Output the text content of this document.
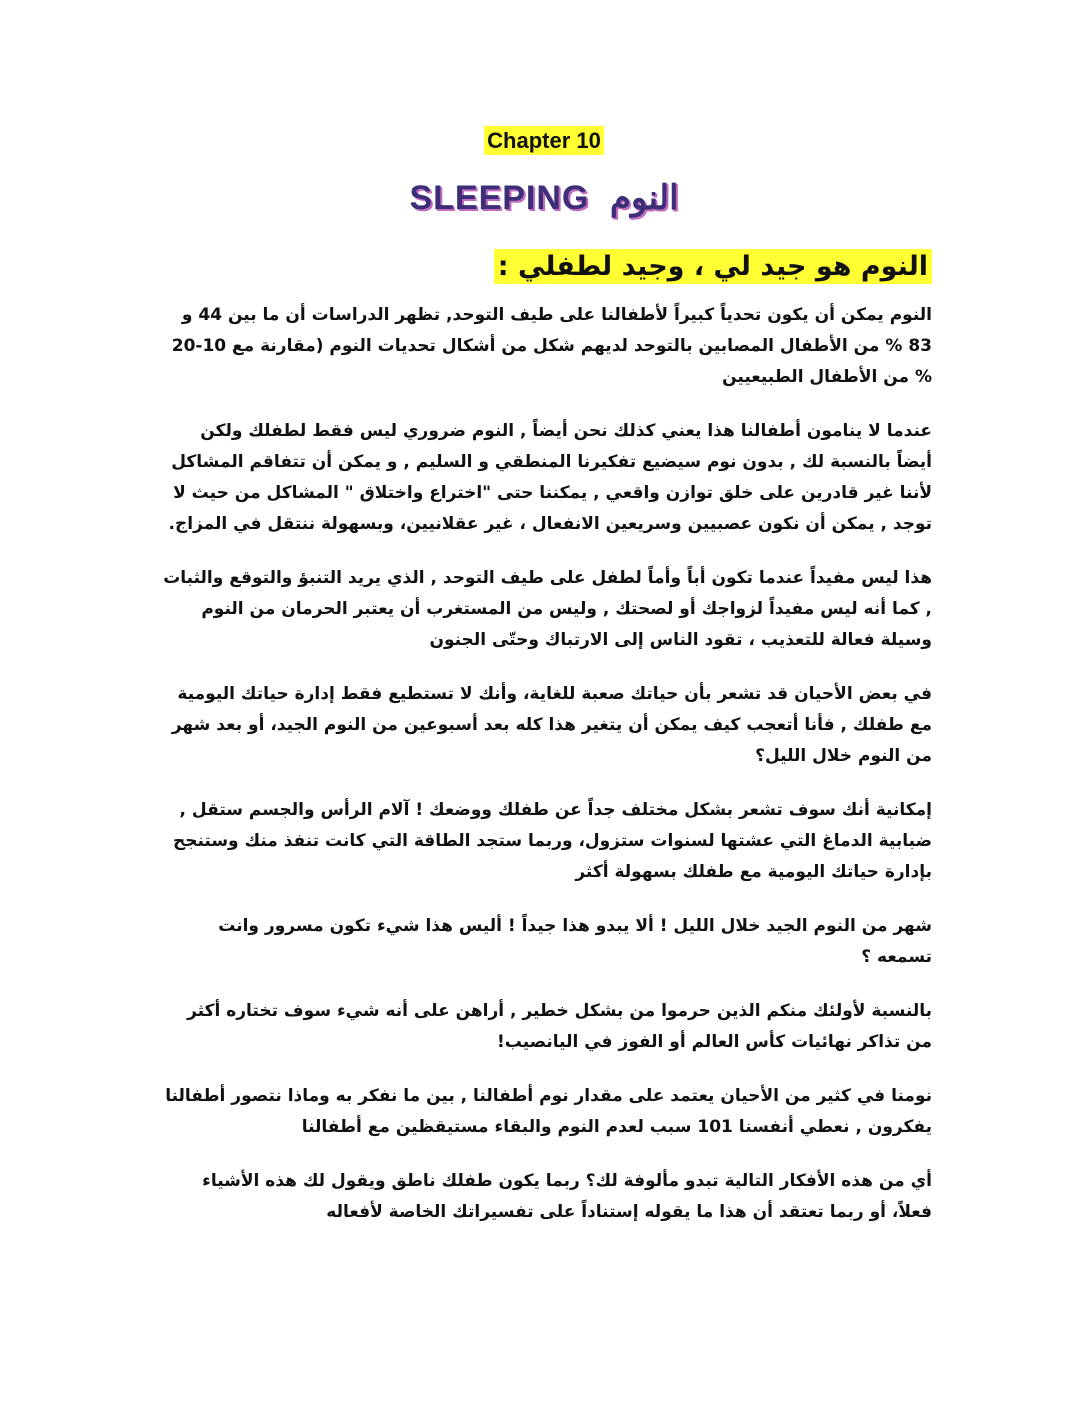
Chapter 10
SLEEPING النوم
النوم هو جيد لي ، وجيد لطفلي :

النوم يمكن أن يكون تحدياً كبيراً لأطفالنا على طيف التوحد, تظهر الدراسات أن ما بين 44 و 83 % من الأطفال المصابين بالتوحد لديهم شكل من أشكال تحديات النوم (مقارنة مع 10-20 % من الأطفال الطبيعيين

عندما لا ينامون أطفالنا هذا يعني كذلك نحن أيضاً , النوم ضروري ليس فقط لطفلك ولكن أيضاً بالنسبة لك , بدون نوم سيضيع تفكيرنا المنطقي و السليم , و يمكن أن تتفاقم المشاكل لأننا غير قادرين على خلق توازن واقعي , يمكننا حتى "اختراع واختلاق " المشاكل من حيث لا توجد , يمكن أن نكون عصبيين وسريعين الانفعال ، غير عقلانيين، وبسهولة ننتقل في المزاج.

هذا ليس مفيداً عندما تكون أباً وأماً لطفل على طيف التوحد , الذي يريد التنبؤ والتوقع والثبات , كما أنه ليس مفيداً لزواجك أو لصحتك , وليس من المستغرب أن يعتبر الحرمان من النوم وسيلة فعالة للتعذيب ، تقود الناس إلى الارتباك وحتّى الجنون

في بعض الأحيان قد تشعر بأن حياتك صعبة للغاية، وأنك لا تستطيع فقط إدارة حياتك اليومية مع طفلك , فأنا أتعجب كيف يمكن أن يتغير هذا كله بعد أسبوعين من النوم الجيد، أو بعد شهر من النوم خلال الليل؟

إمكانية أنك سوف تشعر بشكل مختلف جداً عن طفلك ووضعك ! آلام الرأس والجسم ستقل , ضبابية الدماغ التي عشتها لسنوات ستزول، وربما ستجد الطاقة التي كانت تنفذ منك وستنجح بإدارة حياتك اليومية مع طفلك بسهولة أكثر

شهر من النوم الجيد خلال الليل ! ألا يبدو هذا جيداً ! أليس هذا شيء تكون مسرور وانت تسمعه ؟

بالنسبة لأولئك منكم الذين حرموا من بشكل خطير , أراهن على أنه شيء سوف تختاره أكثر من تذاكر نهائيات كأس العالم أو الفوز في اليانصيب!

نومنا في كثير من الأحيان يعتمد على مقدار نوم أطفالنا , بين ما نفكر به وماذا نتصور أطفالنا يفكرون , نعطي أنفسنا 101 سبب لعدم النوم والبقاء مستيقظين مع أطفالنا

أي من هذه الأفكار التالية تبدو مألوفة لك؟ ربما يكون طفلك ناطق ويقول لك هذه الأشياء فعلاً، أو ربما تعتقد أن هذا ما يقوله إستناداً على تفسيراتك الخاصة لأفعاله
